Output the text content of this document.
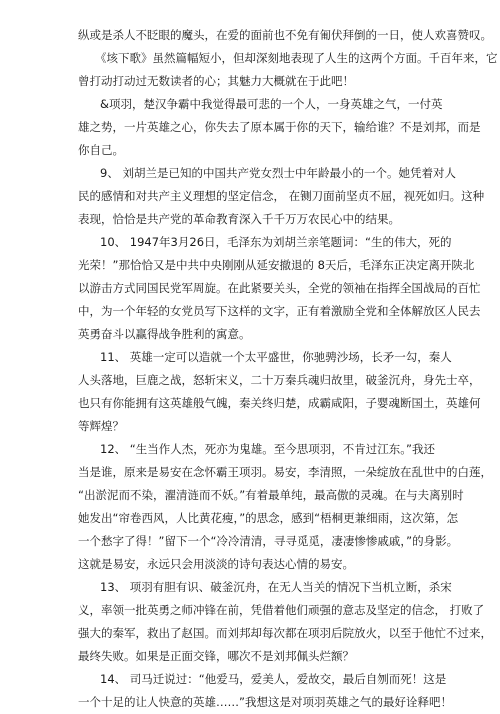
纵或是杀人不眨眼的魔头，在爱的面前也不免有匍伏拜倒的一日，使人欢喜赞叹。
《垓下歌》虽然篇幅短小，但却深刻地表现了人生的这两个方面。千百年来，它
曾打动打动过无数读者的心；其魅力大概就在于此吧！
&项羽，楚汉争霸中我觉得最可悲的一个人，一身英雄之气，一付英
雄之势，一片英雄之心，你失去了原本属于你的天下，输给谁？不是刘邦，而是
你自己。
9、 刘胡兰是已知的中国共产党女烈士中年龄最小的一个。她凭着对人
民的感情和对共产主义理想的坚定信念， 在铡刀面前坚贞不屈，视死如归。这种
表现，恰恰是共产党的革命教育深入千千万万农民心中的结果。
10、 1947年3月26日，毛泽东为刘胡兰亲笔题词：“生的伟大，死的
光荣！”那恰恰又是中共中央刚刚从延安撤退的 8天后，毛泽东正决定离开陕北
以游击方式同国民党军周旋。在此紧要关头，全党的领袖在指挥全国战局的百忙
中，为一个年轻的女党员写下这样的文字，正有着激励全党和全体解放区人民去
英勇奋斗以赢得战争胜利的寓意。
11、 英雄一定可以造就一个太平盛世，你驰骋沙场，长矛一勾，秦人
人头落地，巨鹿之战，怒斩宋义，二十万秦兵魂归故里，破釜沉舟，身先士卒，
也只有你能拥有这英雄般气魄，秦关终归楚，成霸咸阳，子婴魂断国土，英雄何
等辉煌？
12、 “生当作人杰，死亦为鬼雄。至今思项羽，不肯过江东。”我还
当是谁，原来是易安在念怀霸王项羽。易安，李清照，一朵绽放在乱世中的白莲，
“出淤泥而不染，濯清涟而不妖。”有着最单纯，最高傲的灵魂。在与夫离别时
她发出“帘卷西风，人比黄花瘦，”的思念，感到“梧桐更兼细雨，这次第，怎
一个愁字了得！”留下一个“冷冷清清，寻寻觅觅，凄凄惨惨戚戚，”的身影。
这就是易安，永远只会用淡淡的诗句表达心情的易安。
13、 项羽有胆有识、破釜沉舟，在无人当关的情况下当机立断，杀宋
义，率领一批英勇之师冲锋在前，凭借着他们顽强的意志及坚定的信念， 打败了
强大的秦军，救出了赵国。而刘邦却每次都在项羽后院放火，以至于他忙不过来，
最终失败。如果是正面交锋，哪次不是刘邦佩头烂额？
14、 司马迁说过：“他爱马，爱美人，爱故交，最后自刎而死！这是
一个十足的让人快意的英雄……”我想这是对项羽英雄之气的最好诠释吧！
